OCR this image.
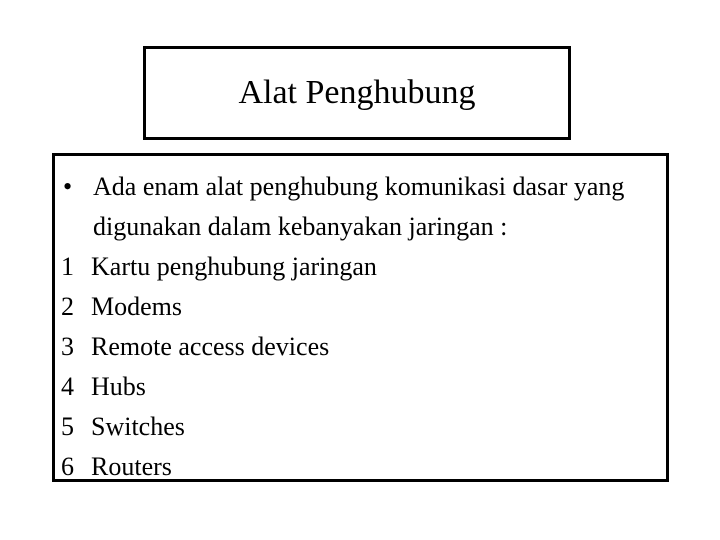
Alat Penghubung
• Ada enam alat penghubung komunikasi dasar yang digunakan dalam kebanyakan jaringan :
1 Kartu penghubung jaringan
2 Modems
3 Remote access devices
4 Hubs
5 Switches
6 Routers
